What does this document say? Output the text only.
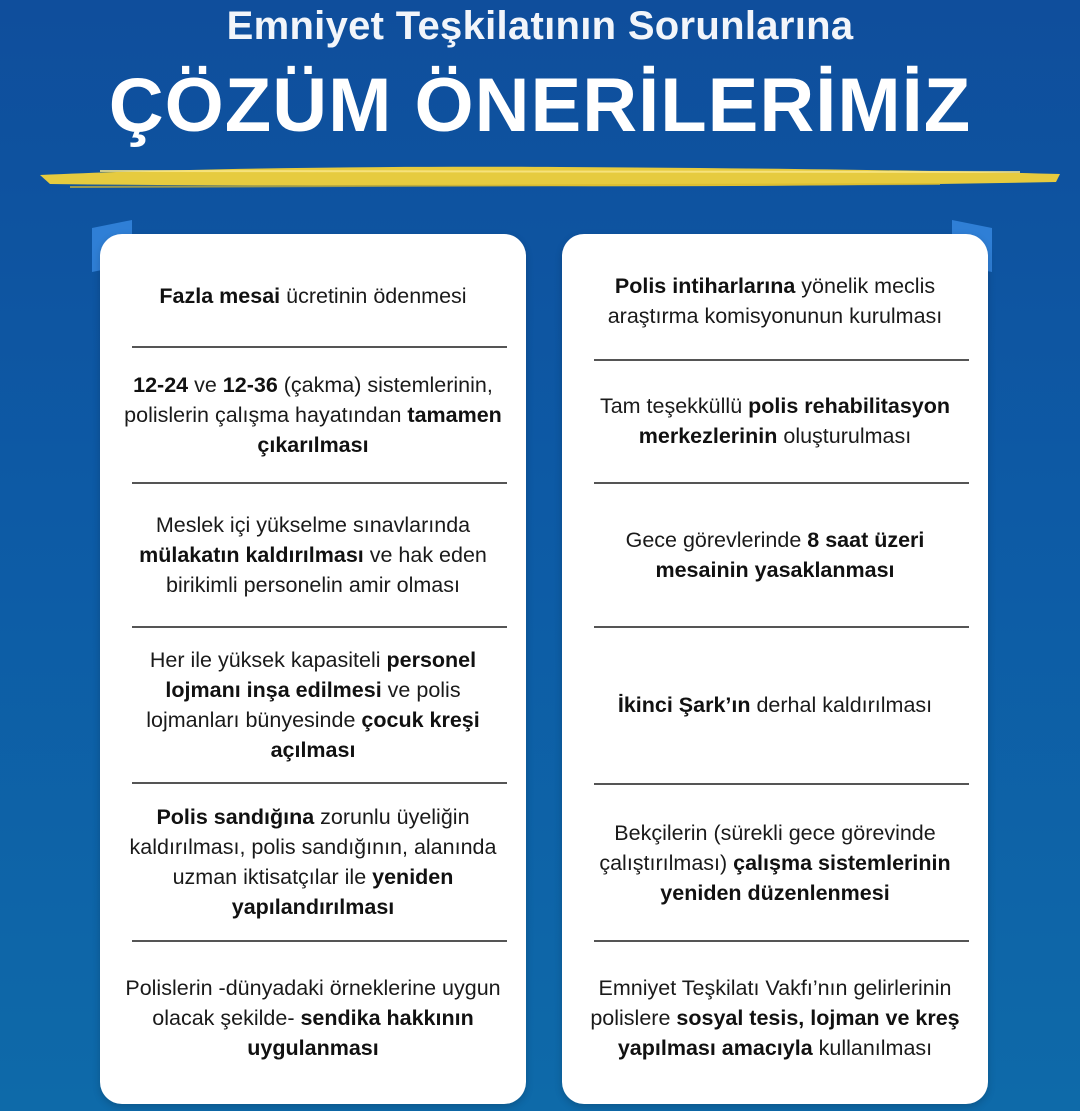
Emniyet Teşkilatının Sorunlarına
ÇÖZÜM ÖNERİLERİMİZ
Fazla mesai ücretinin ödenmesi
12-24 ve 12-36 (çakma) sistemlerinin, polislerin çalışma hayatından tamamen çıkarılması
Meslek içi yükselme sınavlarında mülakatın kaldırılması ve hak eden birikimli personelin amir olması
Her ile yüksek kapasiteli personel lojmanı inşa edilmesi ve polis lojmanları bünyesinde çocuk kreşi açılması
Polis sandığına zorunlu üyeliğin kaldırılması, polis sandığının, alanında uzman iktisatçılar ile yeniden yapılandırılması
Polislerin -dünyadaki örneklerine uygun olacak şekilde- sendika hakkının uygulanması
Polis intiharlarına yönelik meclis araştırma komisyonunun kurulması
Tam teşekküllü polis rehabilitasyon merkezlerinin oluşturulması
Gece görevlerinde 8 saat üzeri mesainin yasaklanması
İkinci Şark’ın derhal kaldırılması
Bekçilerin (sürekli gece görevinde çalıştırılması) çalışma sistemlerinin yeniden düzenlenmesi
Emniyet Teşkilatı Vakfı’nın gelirlerinin polislere sosyal tesis, lojman ve kreş yapılması amacıyla kullanılması
